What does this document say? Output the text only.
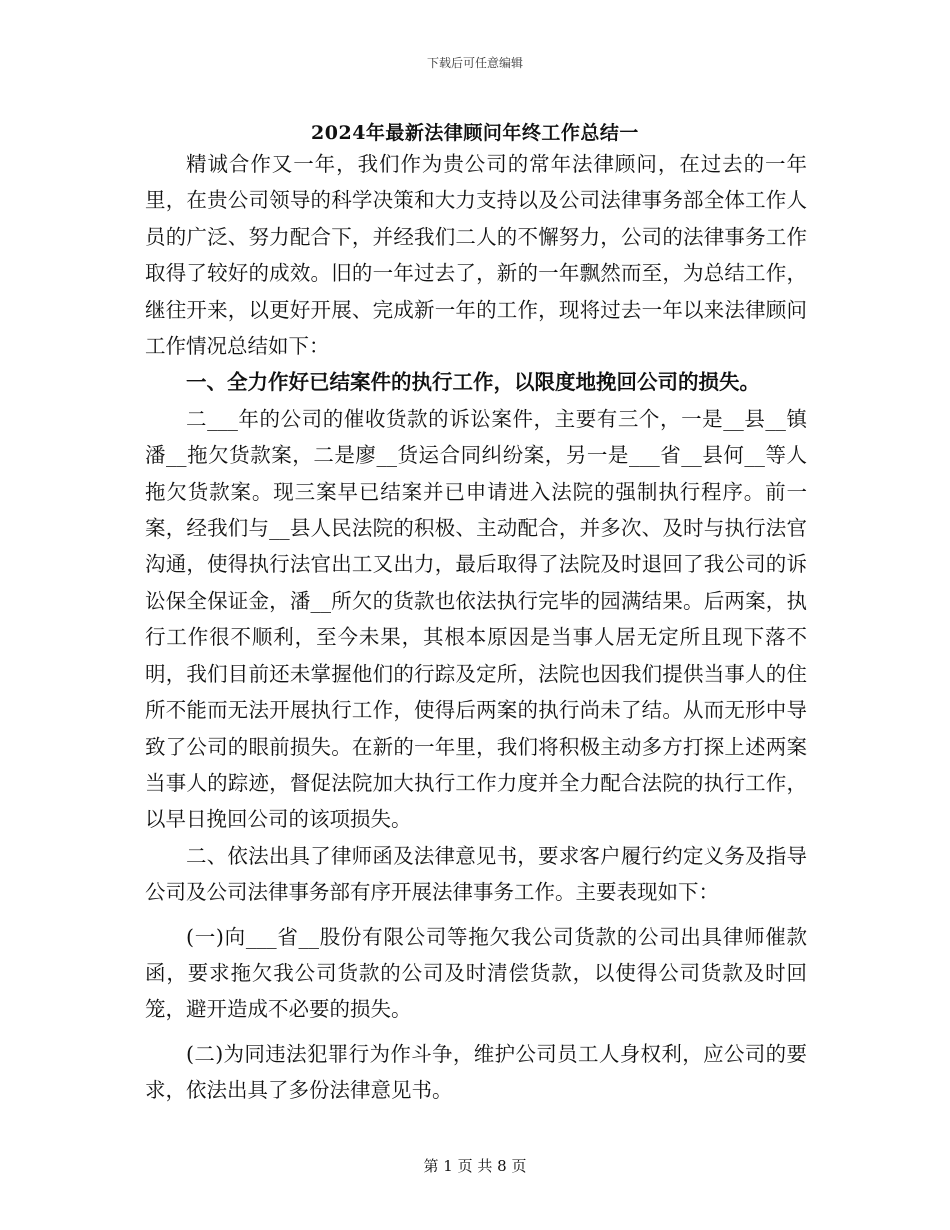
下载后可任意编辑
2024年最新法律顾问年终工作总结一

精诚合作又一年，我们作为贵公司的常年法律顾问，在过去的一年里，在贵公司领导的科学决策和大力支持以及公司法律事务部全体工作人员的广泛、努力配合下，并经我们二人的不懈努力，公司的法律事务工作取得了较好的成效。旧的一年过去了，新的一年飘然而至，为总结工作，继往开来，以更好开展、完成新一年的工作，现将过去一年以来法律顾问工作情况总结如下：

一、全力作好已结案件的执行工作，以限度地挽回公司的损失。

二___年的公司的催收货款的诉讼案件，主要有三个，一是__县__镇潘__拖欠货款案，二是廖__货运合同纠纷案，另一是___省__县何__等人拖欠货款案。现三案早已结案并已申请进入法院的强制执行程序。前一案，经我们与__县人民法院的积极、主动配合，并多次、及时与执行法官沟通，使得执行法官出工又出力，最后取得了法院及时退回了我公司的诉讼保全保证金，潘__所欠的货款也依法执行完毕的园满结果。后两案，执行工作很不顺利，至今未果，其根本原因是当事人居无定所且现下落不明，我们目前还未掌握他们的行踪及定所，法院也因我们提供当事人的住所不能而无法开展执行工作，使得后两案的执行尚未了结。从而无形中导致了公司的眼前损失。在新的一年里，我们将积极主动多方打探上述两案当事人的踪迹，督促法院加大执行工作力度并全力配合法院的执行工作，以早日挽回公司的该项损失。

二、依法出具了律师函及法律意见书，要求客户履行约定义务及指导公司及公司法律事务部有序开展法律事务工作。主要表现如下：

(一)向___省__股份有限公司等拖欠我公司货款的公司出具律师催款函，要求拖欠我公司货款的公司及时清偿货款，以使得公司货款及时回笼，避开造成不必要的损失。

(二)为同违法犯罪行为作斗争，维护公司员工人身权利，应公司的要求，依法出具了多份法律意见书。

第 1 页 共 8 页
